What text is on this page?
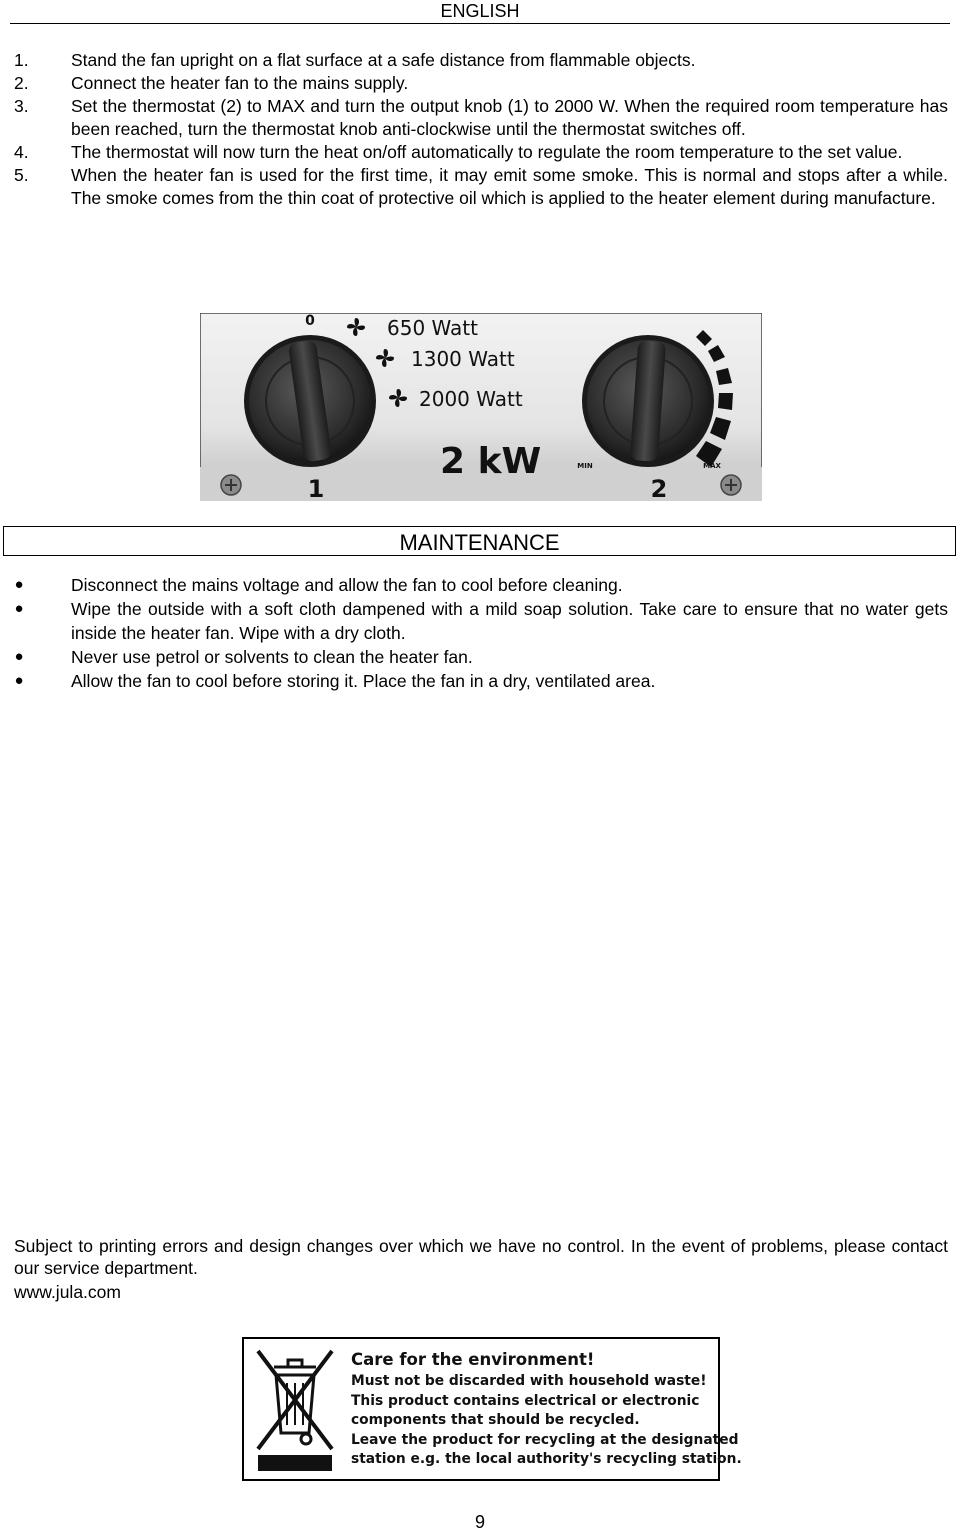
ENGLISH
1. Stand the fan upright on a flat surface at a safe distance from flammable objects.
2. Connect the heater fan to the mains supply.
3. Set the thermostat (2) to MAX and turn the output knob (1) to 2000 W. When the required room temperature has been reached, turn the thermostat knob anti-clockwise until the thermostat switches off.
4. The thermostat will now turn the heat on/off automatically to regulate the room temperature to the set value.
5. When the heater fan is used for the first time, it may emit some smoke. This is normal and stops after a while. The smoke comes from the thin coat of protective oil which is applied to the heater element during manufacture.
0	650 Watt
1300 Watt
2000 Watt
2 kW	MIN	MAX
1	2
MAINTENANCE
●	Disconnect the mains voltage and allow the fan to cool before cleaning.
●	Wipe the outside with a soft cloth dampened with a mild soap solution. Take care to ensure that no water gets inside the heater fan. Wipe with a dry cloth.
●	Never use petrol or solvents to clean the heater fan.
●	Allow the fan to cool before storing it. Place the fan in a dry, ventilated area.
Subject to printing errors and design changes over which we have no control. In the event of problems, please contact our service department.
www.jula.com
Care for the environment!
Must not be discarded with household waste!
This product contains electrical or electronic
components that should be recycled.
Leave the product for recycling at the designated
station e.g. the local authority's recycling station.
9
